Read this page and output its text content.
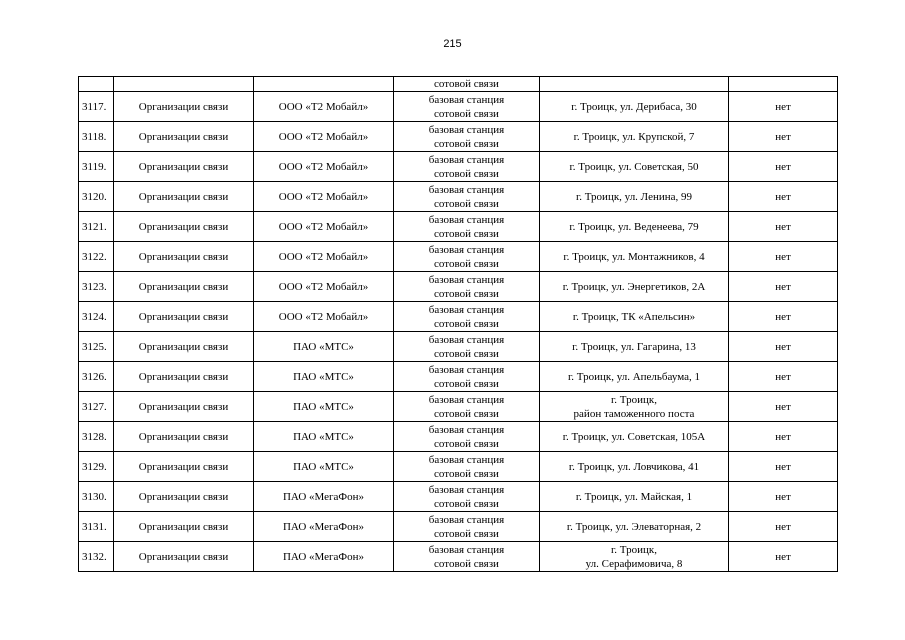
215
			сотовой связи		
3117.	Организации связи	ООО «Т2 Мобайл»	базовая станция
сотовой связи	г. Троицк, ул. Дерибаса, 30	нет
3118.	Организации связи	ООО «Т2 Мобайл»	базовая станция
сотовой связи	г. Троицк, ул. Крупской, 7	нет
3119.	Организации связи	ООО «Т2 Мобайл»	базовая станция
сотовой связи	г. Троицк, ул. Советская, 50	нет
3120.	Организации связи	ООО «Т2 Мобайл»	базовая станция
сотовой связи	г. Троицк, ул. Ленина, 99	нет
3121.	Организации связи	ООО «Т2 Мобайл»	базовая станция
сотовой связи	г. Троицк, ул. Веденеева, 79	нет
3122.	Организации связи	ООО «Т2 Мобайл»	базовая станция
сотовой связи	г. Троицк, ул. Монтажников, 4	нет
3123.	Организации связи	ООО «Т2 Мобайл»	базовая станция
сотовой связи	г. Троицк, ул. Энергетиков, 2А	нет
3124.	Организации связи	ООО «Т2 Мобайл»	базовая станция
сотовой связи	г. Троицк, ТК «Апельсин»	нет
3125.	Организации связи	ПАО «МТС»	базовая станция
сотовой связи	г. Троицк, ул. Гагарина, 13	нет
3126.	Организации связи	ПАО «МТС»	базовая станция
сотовой связи	г. Троицк, ул. Апельбаума, 1	нет
3127.	Организации связи	ПАО «МТС»	базовая станция
сотовой связи	г. Троицк,
район таможенного поста	нет
3128.	Организации связи	ПАО «МТС»	базовая станция
сотовой связи	г. Троицк, ул. Советская, 105А	нет
3129.	Организации связи	ПАО «МТС»	базовая станция
сотовой связи	г. Троицк, ул. Ловчикова, 41	нет
3130.	Организации связи	ПАО «МегаФон»	базовая станция
сотовой связи	г. Троицк, ул. Майская, 1	нет
3131.	Организации связи	ПАО «МегаФон»	базовая станция
сотовой связи	г. Троицк, ул. Элеваторная, 2	нет
3132.	Организации связи	ПАО «МегаФон»	базовая станция
сотовой связи	г. Троицк,
ул. Серафимовича, 8	нет
